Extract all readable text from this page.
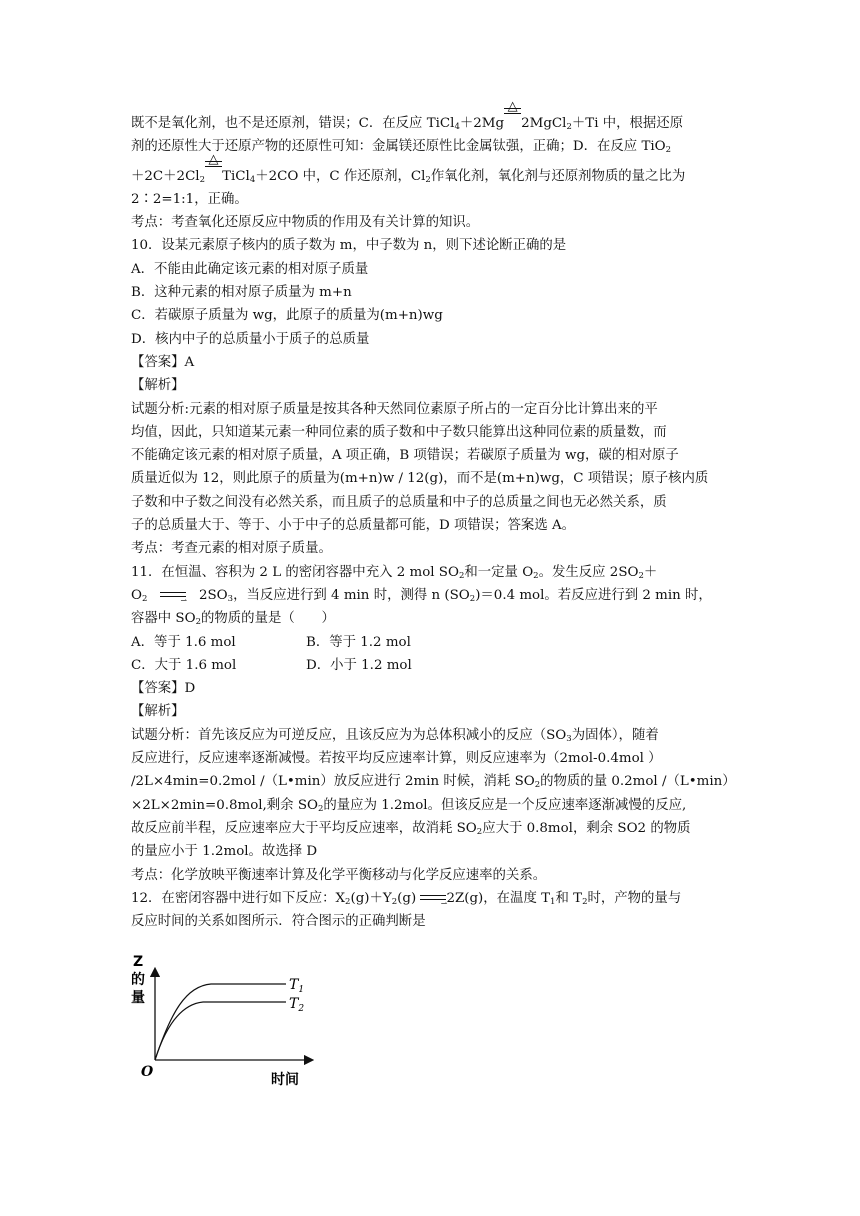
既不是氧化剂，也不是还原剂，错误；C．在反应 TiCl$_4$＋2Mg
△
2MgCl$_2$＋Ti 中，根据还原
剂的还原性大于还原产物的还原性可知：金属镁还原性比金属钛强，正确；D．在反应 TiO$_2$
$+2C+2Cl_2$
△
TiCl$_4$＋2CO 中，C 作还原剂，$Cl_2$作氧化剂，氧化剂与还原剂物质的量之比为
2∶2=1:1，正确。
考点：考查氧化还原反应中物质的作用及有关计算的知识。
10．设某元素原子核内的质子数为 m，中子数为 n，则下述论断正确的是
A．不能由此确定该元素的相对原子质量
B．这种元素的相对原子质量为 m+n
C．若碳原子质量为 wg，此原子的质量为(m+n)wg
D．核内中子的总质量小于质子的总质量
【答案】A
【解析】
试题分析:元素的相对原子质量是按其各种天然同位素原子所占的一定百分比计算出来的平
均值，因此，只知道某元素一种同位素的质子数和中子数只能算出这种同位素的质量数，而
不能确定该元素的相对原子质量，A 项正确，B 项错误；若碳原子质量为 wg，碳的相对原子
质量近似为 12，则此原子的质量为(m+n)w / 12(g)，而不是(m+n)wg，C 项错误；原子核内质
子数和中子数之间没有必然关系，而且质子的总质量和中子的总质量之间也无必然关系，质
子的总质量大于、等于、小于中子的总质量都可能，D 项错误；答案选 A。
考点：考查元素的相对原子质量。
11．在恒温、容积为 2 L 的密闭容器中充入 2 mol $SO_2$和一定量 $O_2$。发生反应 $2SO_2+$
$O_2$	⇀ $2SO_3$，当反应进行到 4 min 时，测得 n $(SO_2)=0.4$ mol。若反应进行到 2 min 时，
容器中 $SO_2$的物质的量是（　　）
A．等于 1.6 mol	B．等于 1.2 mol
C．大于 1.6 mol	D．小于 1.2 mol
【答案】D
【解析】
试题分析：首先该反应为可逆反应，且该反应为为总体积减小的反应（$SO_3$为固体），随着
反应进行，反应速率逐渐减慢。若按平均反应速率计算，则反应速率为（2mol-0.4mol ）
/2L×4min=0.2mol /（L•min）放反应进行 2min 时候，消耗 $SO_2$的物质的量 0.2mol /（L•min）
×2L×2min=0.8mol,剩余 $SO_2$的量应为 1.2mol。但该反应是一个反应速率逐渐减慢的反应,
故反应前半程，反应速率应大于平均反应速率，故消耗 $SO_2$应大于 0.8mol，剩余 SO2 的物质
的量应小于 1.2mol。故选择 D
考点：化学放映平衡速率计算及化学平衡移动与化学反应速率的关系。
12．在密闭容器中进行如下反应：$X_2(g)+Y_2(g)$	⇀ 2Z(g)，在温度 $T_1$和 $T_2$时，产物的量与
反应时间的关系如图所示．符合图示的正确判断是
Z
的
量
O	时间
$T_1$
$T_2$
